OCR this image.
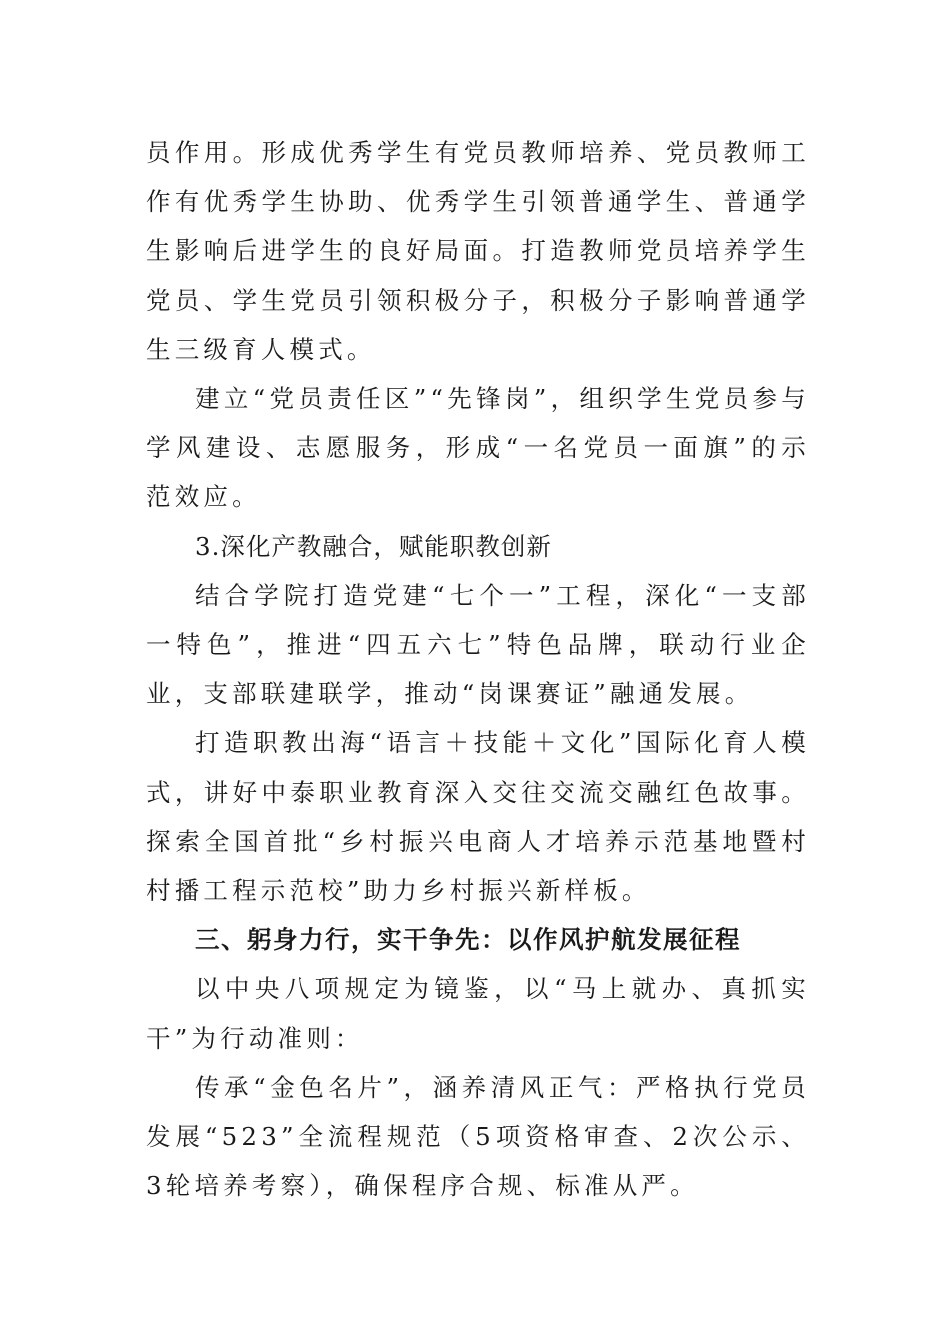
员作用。形成优秀学生有党员教师培养、党员教师工作有优秀学生协助、优秀学生引领普通学生、普通学生影响后进学生的良好局面。打造教师党员培养学生党员、学生党员引领积极分子，积极分子影响普通学生三级育人模式。

建立“党员责任区”“先锋岗”，组织学生党员参与学风建设、志愿服务，形成“一名党员一面旗”的示范效应。

3.深化产教融合，赋能职教创新

结合学院打造党建“七个一”工程，深化“一支部一特色”，推进“四五六七”特色品牌，联动行业企业，支部联建联学，推动“岗课赛证”融通发展。

打造职教出海“语言＋技能＋文化”国际化育人模式，讲好中泰职业教育深入交往交流交融红色故事。探索全国首批“乡村振兴电商人才培养示范基地暨村村播工程示范校”助力乡村振兴新样板。

三、躬身力行，实干争先：以作风护航发展征程

以中央八项规定为镜鉴，以“马上就办、真抓实干”为行动准则：

传承“金色名片”，涵养清风正气：严格执行党员发展“523”全流程规范（5项资格审查、2次公示、3轮培养考察），确保程序合规、标准从严。
